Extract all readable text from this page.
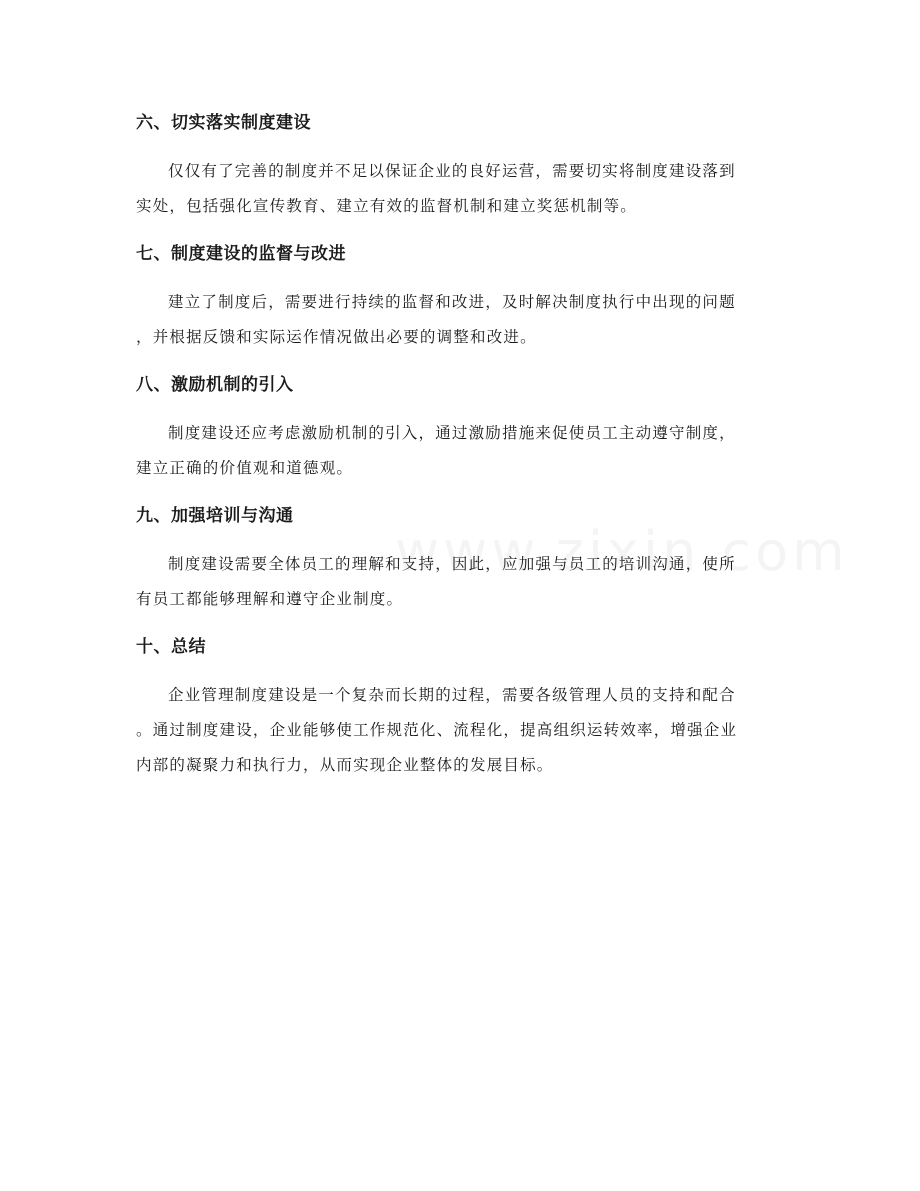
六、切实落实制度建设
仅仅有了完善的制度并不足以保证企业的良好运营，需要切实将制度建设落到
实处，包括强化宣传教育、建立有效的监督机制和建立奖惩机制等。
七、制度建设的监督与改进
建立了制度后，需要进行持续的监督和改进，及时解决制度执行中出现的问题
，并根据反馈和实际运作情况做出必要的调整和改进。
八、激励机制的引入
制度建设还应考虑激励机制的引入，通过激励措施来促使员工主动遵守制度，
建立正确的价值观和道德观。
九、加强培训与沟通
制度建设需要全体员工的理解和支持，因此，应加强与员工的培训沟通，使所
有员工都能够理解和遵守企业制度。
十、总结
企业管理制度建设是一个复杂而长期的过程，需要各级管理人员的支持和配合
。通过制度建设，企业能够使工作规范化、流程化，提高组织运转效率，增强企业
内部的凝聚力和执行力，从而实现企业整体的发展目标。
